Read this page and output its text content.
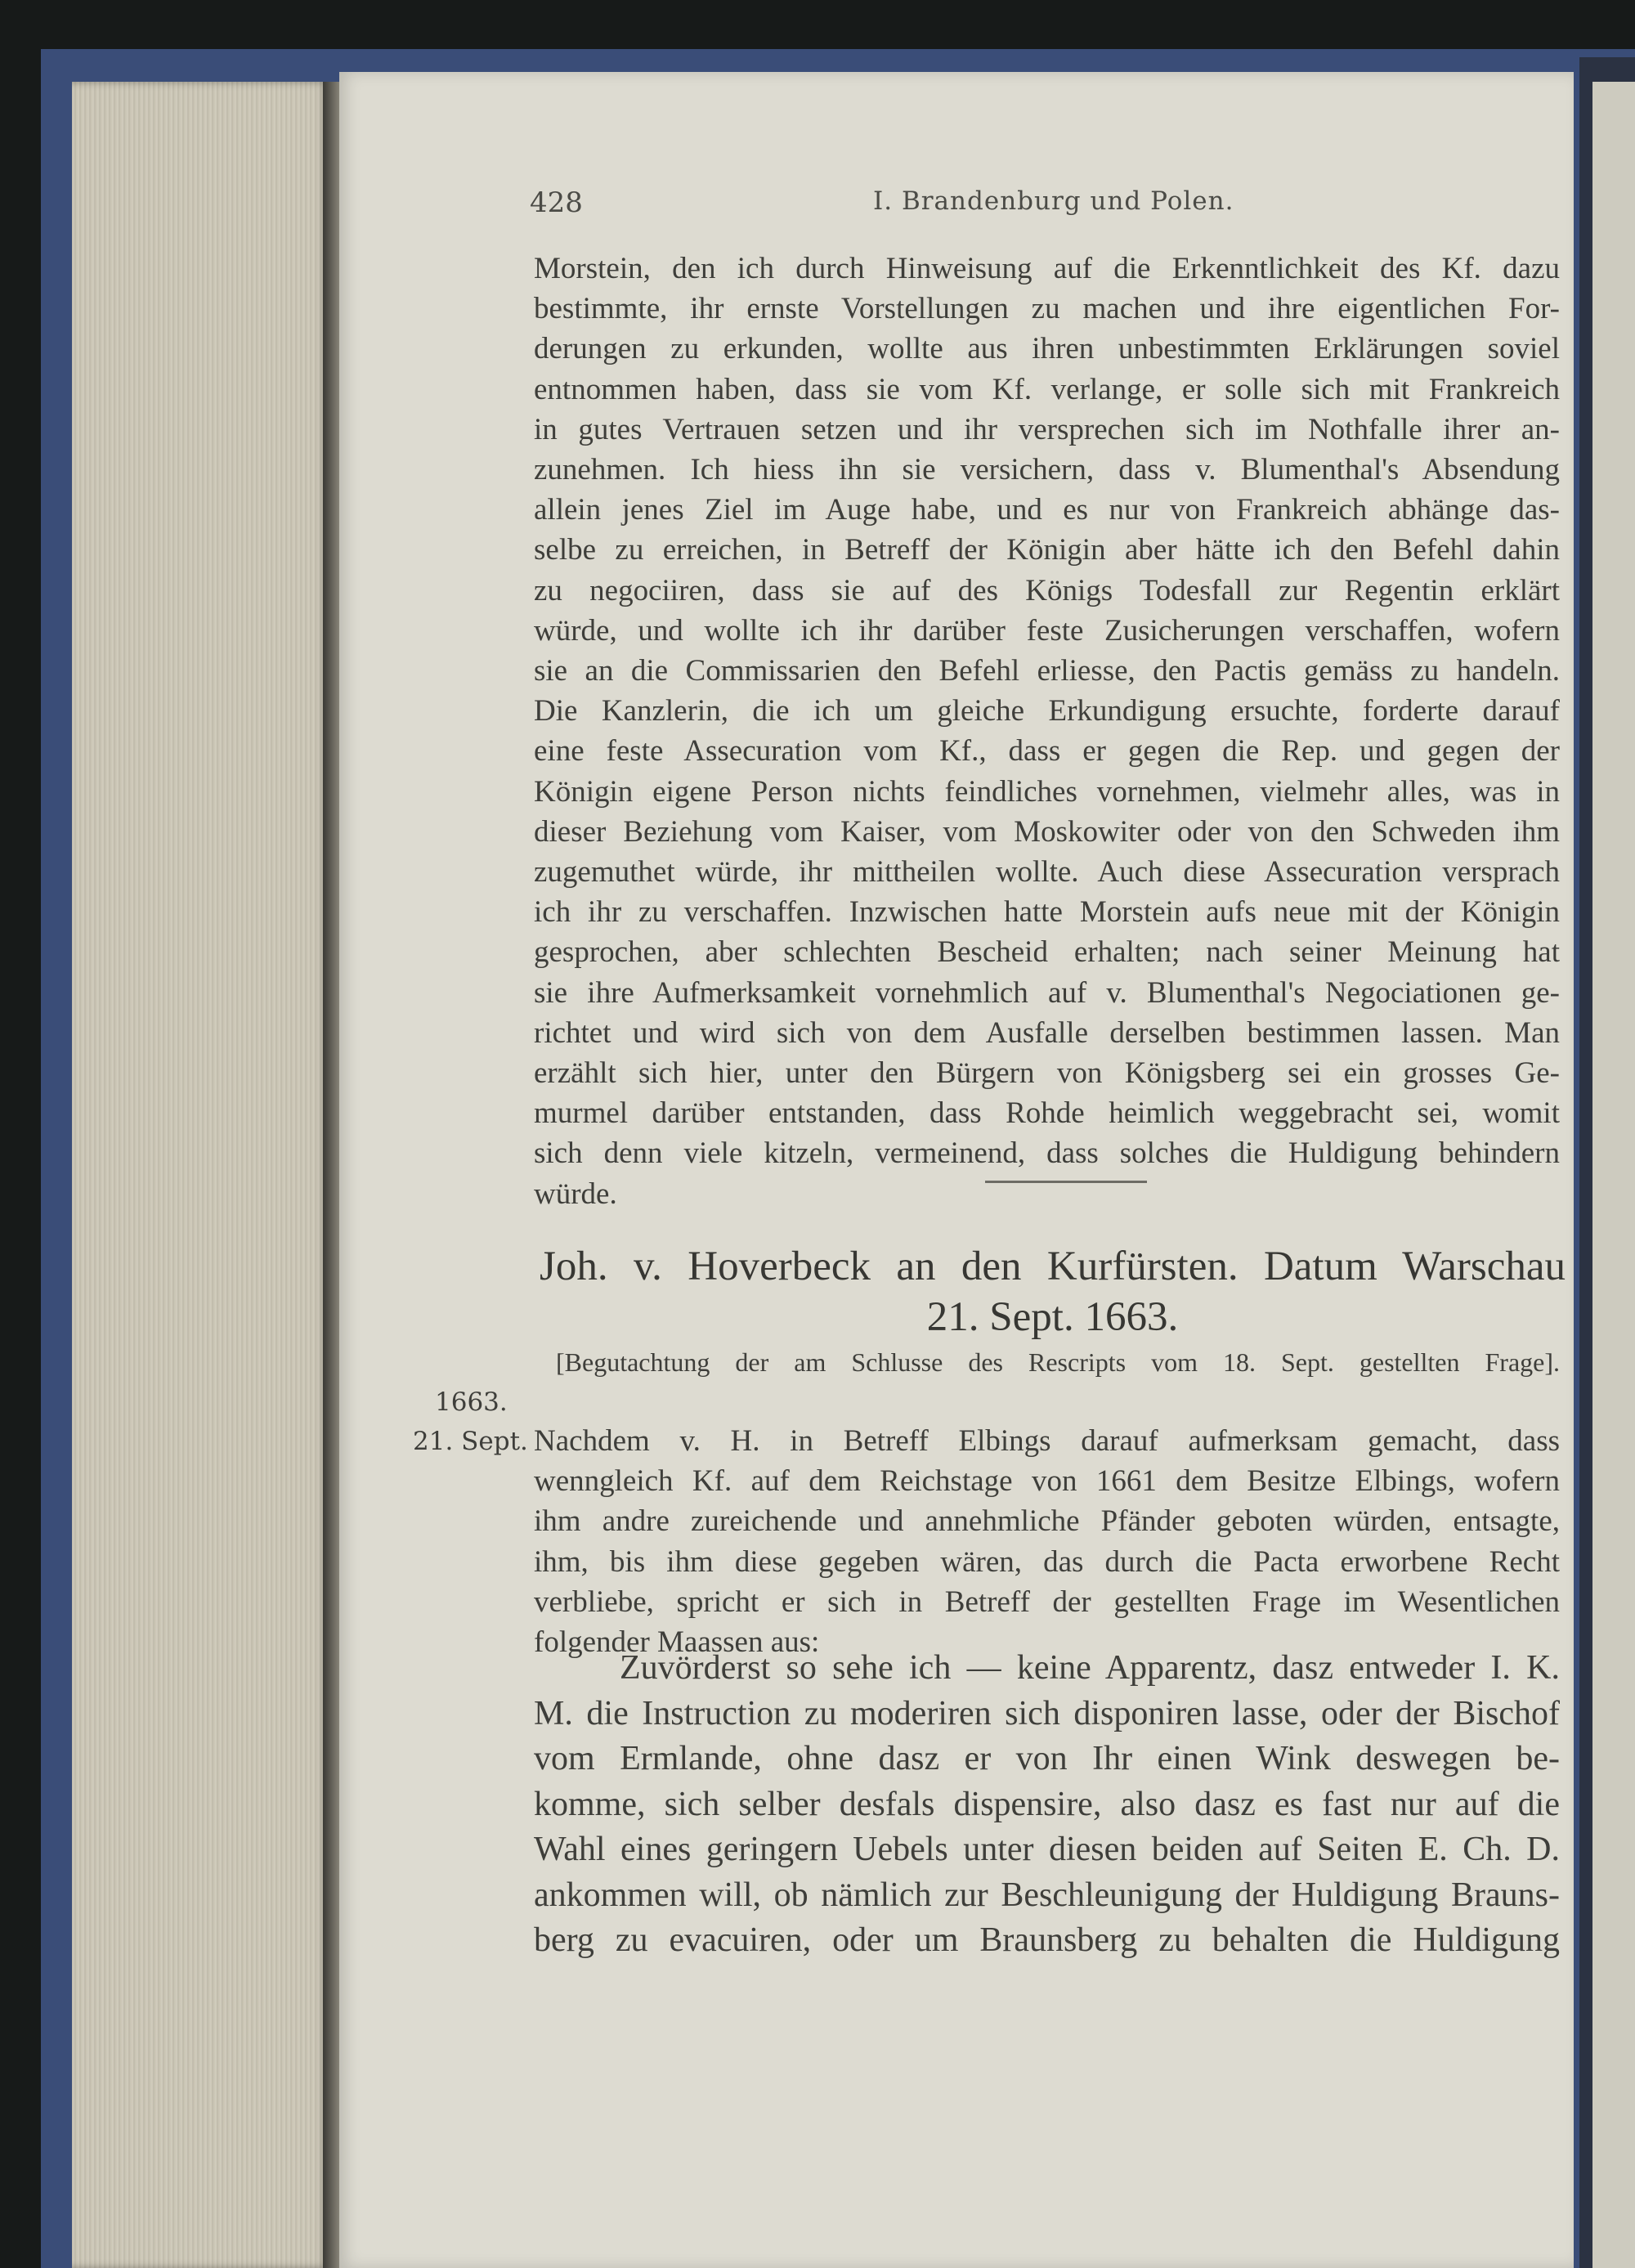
428	I. Brandenburg und Polen.

Morstein, den ich durch Hinweisung auf die Erkenntlichkeit des Kf. dazu

bestimmte, ihr ernste Vorstellungen zu machen und ihre eigentlichen For-

derungen zu erkunden, wollte aus ihren unbestimmten Erklärungen soviel

entnommen haben, dass sie vom Kf. verlange, er solle sich mit Frankreich

in gutes Vertrauen setzen und ihr versprechen sich im Nothfalle ihrer an-

zunehmen. Ich hiess ihn sie versichern, dass v. Blumenthal's Absendung

allein jenes Ziel im Auge habe, und es nur von Frankreich abhänge das-

selbe zu erreichen, in Betreff der Königin aber hätte ich den Befehl dahin

zu negociiren, dass sie auf des Königs Todesfall zur Regentin erklärt

würde, und wollte ich ihr darüber feste Zusicherungen verschaffen, wofern

sie an die Commissarien den Befehl erliesse, den Pactis gemäss zu handeln.

Die Kanzlerin, die ich um gleiche Erkundigung ersuchte, forderte darauf

eine feste Assecuration vom Kf., dass er gegen die Rep. und gegen der

Königin eigene Person nichts feindliches vornehmen, vielmehr alles, was in

dieser Beziehung vom Kaiser, vom Moskowiter oder von den Schweden ihm

zugemuthet würde, ihr mittheilen wollte. Auch diese Assecuration versprach

ich ihr zu verschaffen. Inzwischen hatte Morstein aufs neue mit der Königin

gesprochen, aber schlechten Bescheid erhalten; nach seiner Meinung hat

sie ihre Aufmerksamkeit vornehmlich auf v. Blumenthal's Negociationen ge-

richtet und wird sich von dem Ausfalle derselben bestimmen lassen. Man

erzählt sich hier, unter den Bürgern von Königsberg sei ein grosses Ge-

murmel darüber entstanden, dass Rohde heimlich weggebracht sei, womit

sich denn viele kitzeln, vermeinend, dass solches die Huldigung behindern

würde.

Joh. v. Hoverbeck an den Kurfürsten. Datum Warschau
21. Sept. 1663.
[Begutachtung der am Schlusse des Rescripts vom 18. Sept. gestellten Frage].
1663.
21. Sept. Nachdem v. H. in Betreff Elbings darauf aufmerksam gemacht, dass

wenngleich Kf. auf dem Reichstage von 1661 dem Besitze Elbings, wofern

ihm andre zureichende und annehmliche Pfänder geboten würden, entsagte,

ihm, bis ihm diese gegeben wären, das durch die Pacta erworbene Recht

verbliebe, spricht er sich in Betreff der gestellten Frage im Wesentlichen

folgender Maassen aus:

Zuvörderst so sehe ich — keine Apparentz, dasz entweder I. K.

M. die Instruction zu moderiren sich disponiren lasse, oder der Bischof

vom Ermlande, ohne dasz er von Ihr einen Wink deswegen be-

komme, sich selber desfals dispensire, also dasz es fast nur auf die

Wahl eines geringern Uebels unter diesen beiden auf Seiten E. Ch. D.

ankommen will, ob nämlich zur Beschleunigung der Huldigung Brauns-

berg zu evacuiren, oder um Braunsberg zu behalten die Huldigung
